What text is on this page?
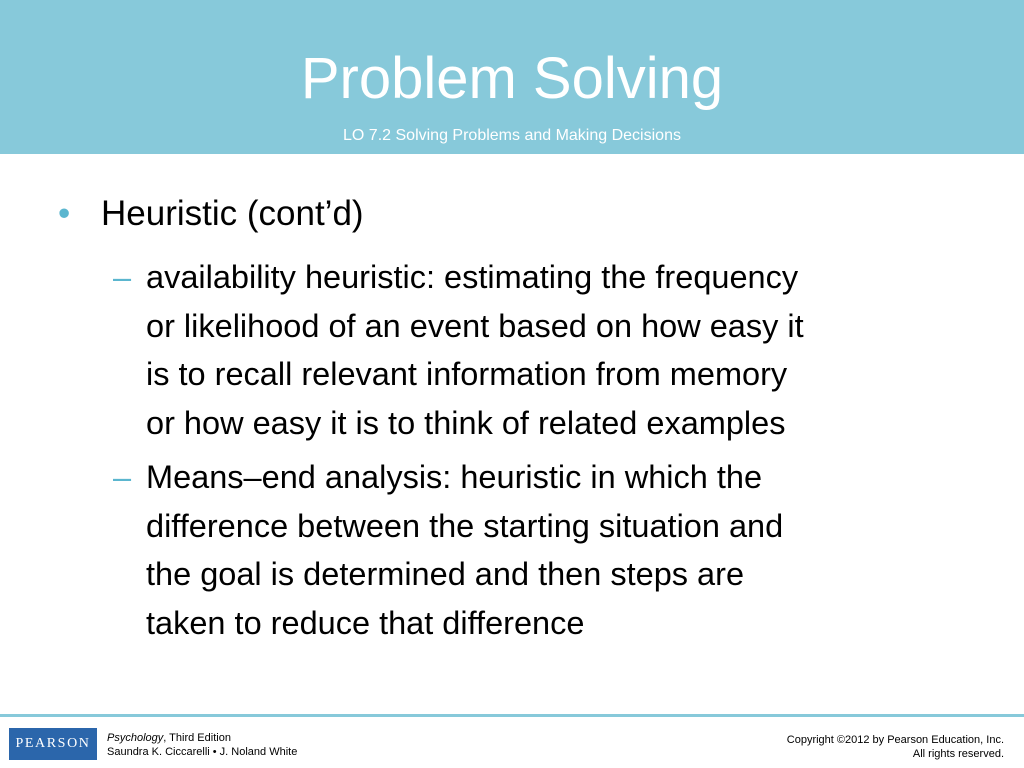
Problem Solving
LO 7.2 Solving Problems and Making Decisions
• Heuristic (cont’d)
– availability heuristic: estimating the frequency
or likelihood of an event based on how easy it
is to recall relevant information from memory
or how easy it is to think of related examples
– Means–end analysis: heuristic in which the
difference between the starting situation and
the goal is determined and then steps are
taken to reduce that difference
PEARSON	Psychology, Third Edition
Saundra K. Ciccarelli • J. Noland White
Copyright ©2012 by Pearson Education, Inc.
All rights reserved.
